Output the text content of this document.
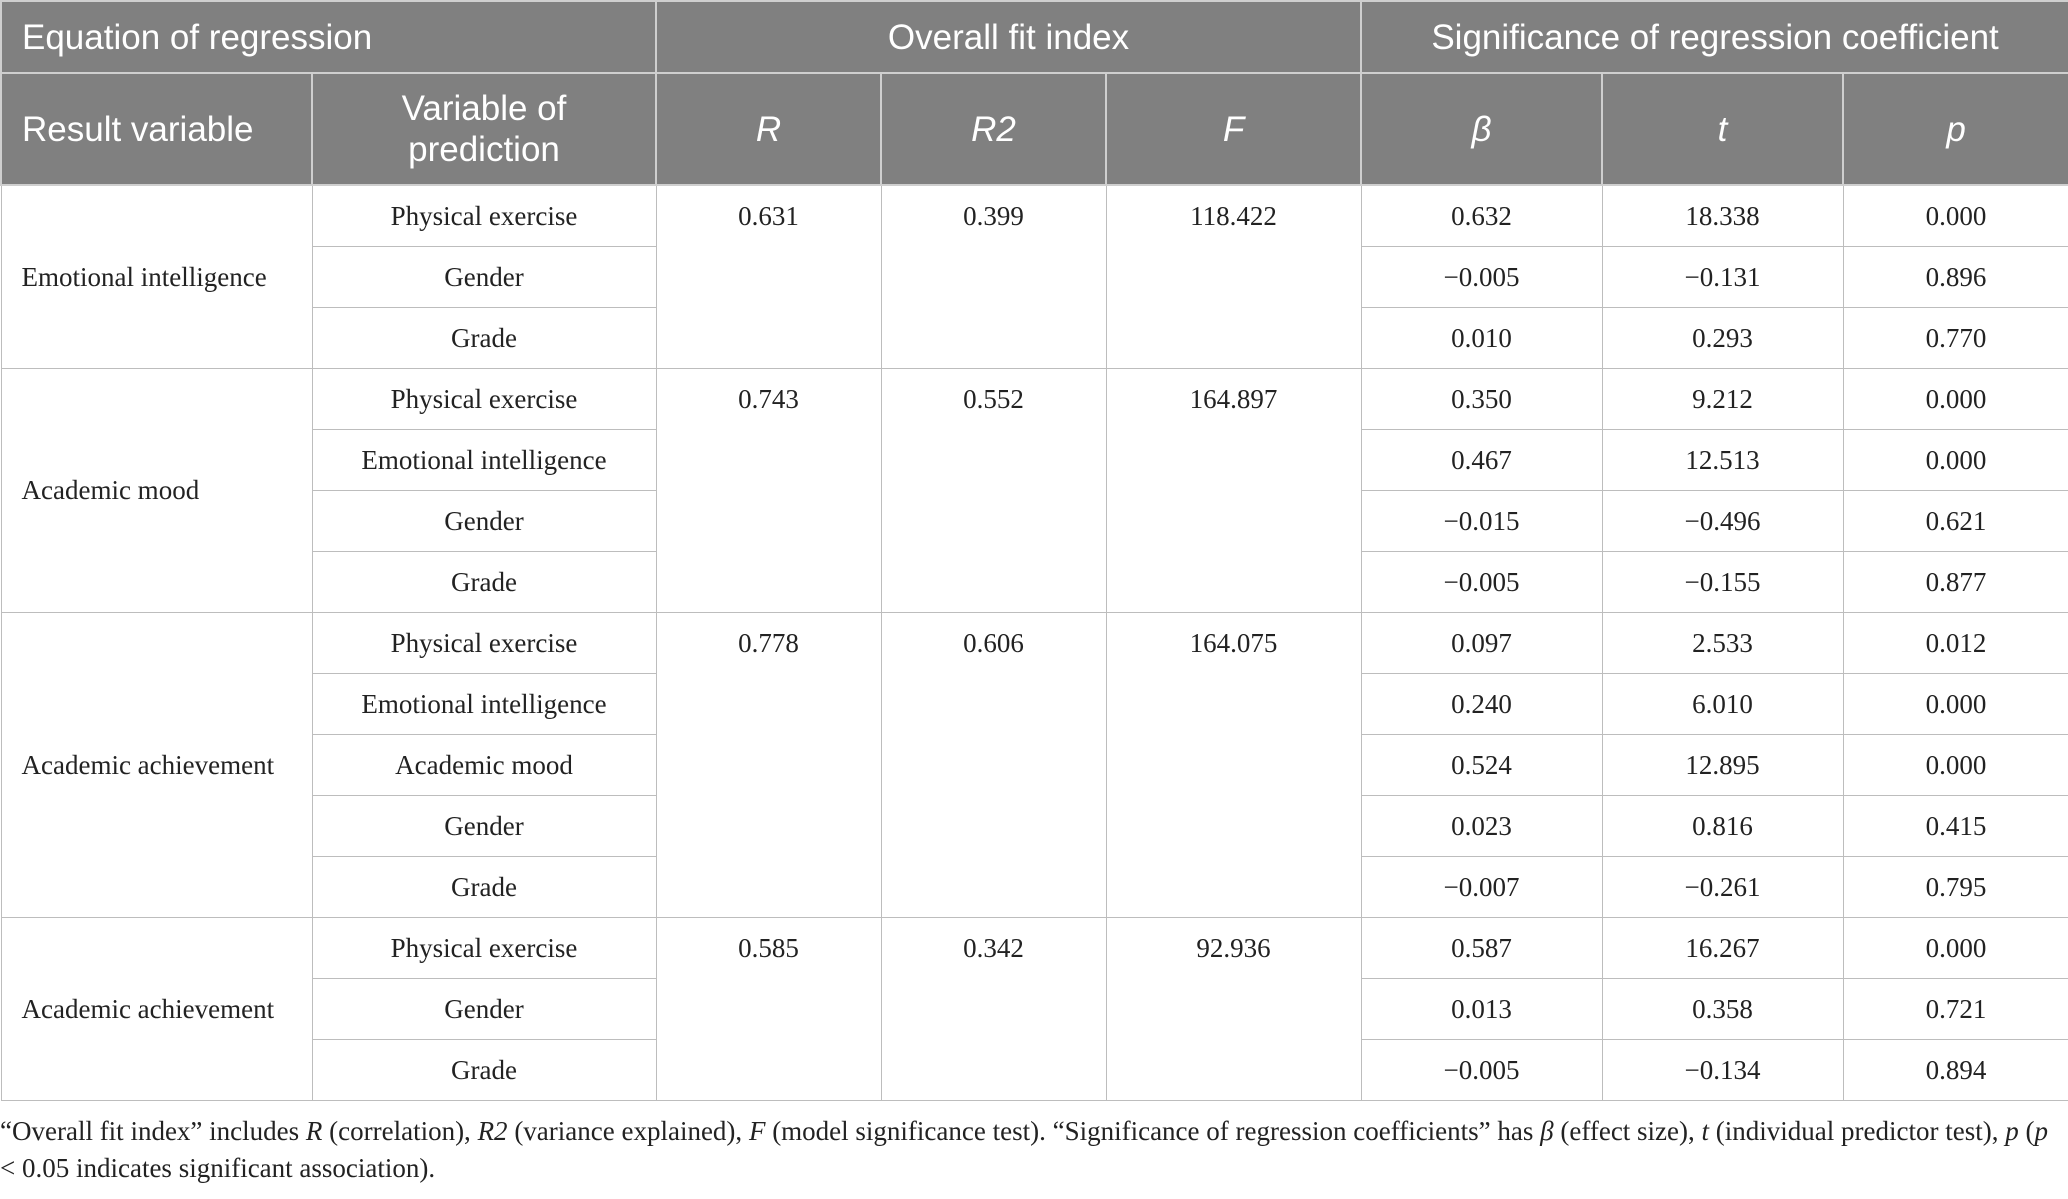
Equation of regression		Overall fit index			Significance of regression coefficient		
Result variable	Variable of prediction	R	R2	F	β	t	p
Emotional intelligence	Physical exercise	0.631	0.399	118.422	0.632	18.338	0.000
	Gender				−0.005	−0.131	0.896
	Grade				0.010	0.293	0.770
Academic mood	Physical exercise	0.743	0.552	164.897	0.350	9.212	0.000
	Emotional intelligence				0.467	12.513	0.000
	Gender				−0.015	−0.496	0.621
	Grade				−0.005	−0.155	0.877
Academic achievement	Physical exercise	0.778	0.606	164.075	0.097	2.533	0.012
	Emotional intelligence				0.240	6.010	0.000
	Academic mood				0.524	12.895	0.000
	Gender				0.023	0.816	0.415
	Grade				−0.007	−0.261	0.795
Academic achievement	Physical exercise	0.585	0.342	92.936	0.587	16.267	0.000
	Gender				0.013	0.358	0.721
	Grade				−0.005	−0.134	0.894
“Overall fit index” includes R (correlation), R2 (variance explained), F (model significance test). “Significance of regression coefficients” has β (effect size), t (individual predictor test), p (p < 0.05 indicates significant association).
